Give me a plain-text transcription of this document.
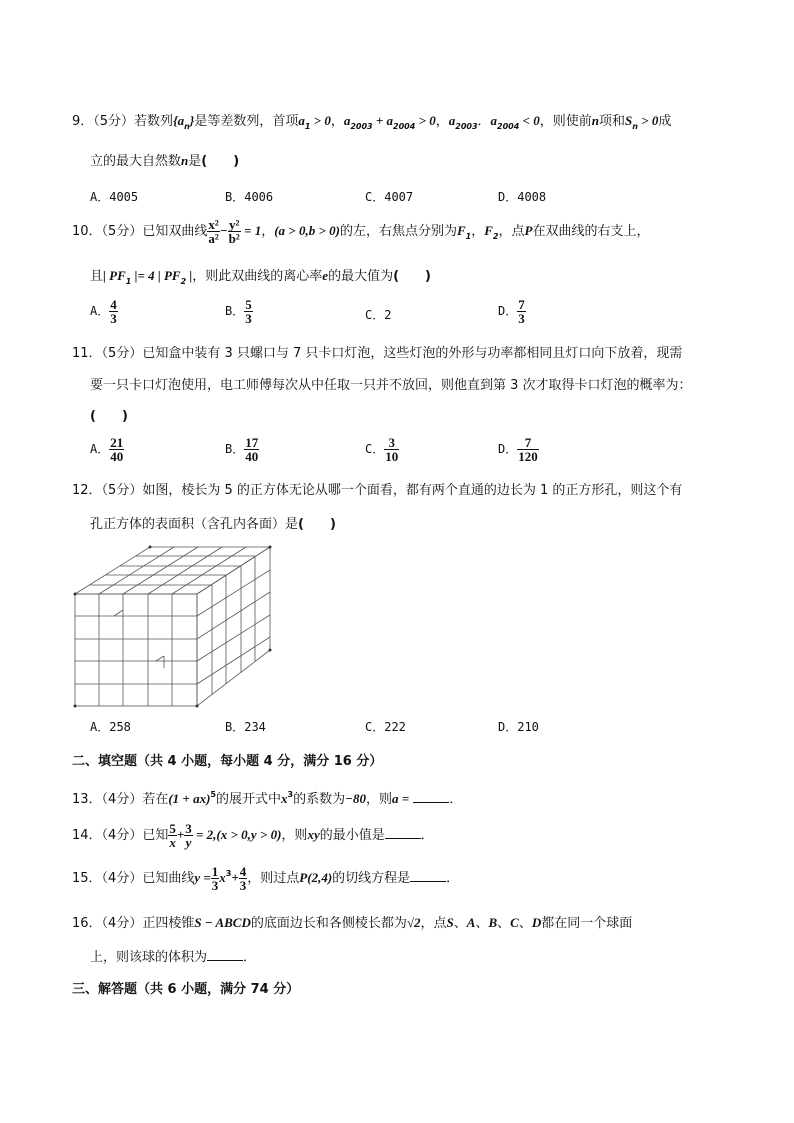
9．（5分）若数列$\{a_n\}$是等差数列，首项$a_1 > 0$，$a_{2003} + a_{2004} > 0$，$a_{2003}$．$a_{2004} < 0$，则使前n项和$S_n > 0$成
立的最大自然数n是(　　)
A．4005	B．4006	C．4007	D．4008
10．（5分）已知双曲线 $\frac{\text{x²}}{\text{a²}} - \frac{\text{y²}}{\text{b²}} = 1$，(a > 0,b > 0)的左，右焦点分别为$F_1$，$F_2$，点P在双曲线的右支上，
且| $PF_1$ |= 4 | $PF_2$ |，则此双曲线的离心率e的最大值为(　　)
A． $\frac{4}{3}$	B． $\frac{5}{3}$	C．2	D． $\frac{7}{3}$
11．（5分）已知盒中装有 3 只螺口与 7 只卡口灯泡，这些灯泡的外形与功率都相同且灯口向下放着，现需
要一只卡口灯泡使用，电工师傅每次从中任取一只并不放回，则他直到第 3 次才取得卡口灯泡的概率为：
(　　)
A． $\frac{21}{40}$	B． $\frac{17}{40}$	C． $\frac{3}{10}$	D． $\frac{7}{120}$
12．（5分）如图，棱长为 5 的正方体无论从哪一个面看，都有两个直通的边长为 1 的正方形孔，则这个有
孔正方体的表面积（含孔内各面）是(　　)
A．258	B．234	C．222	D．210
二、填空题（共 4 小题，每小题 4 分，满分 16 分）
13．（4分）若在(1 + ax)$^5$的展开式中$x^3$的系数为−80，则a =	．
14．（4分）已知 $\frac{5}{x} + \frac{3}{y} = 2,(x > 0,y > 0)$，则xy的最小值是	．
15．（4分）已知曲线$y = \frac{1}{3} x^3+ \frac{4}{3}$ ，则过点P(2,4)的切线方程是	．
16．（4分）正四棱锥S − ABCD的底面边长和各侧棱长都为√2，点S、A、B、C、D都在同一个球面
上，则该球的体积为	．
三、解答题（共 6 小题，满分 74 分）
